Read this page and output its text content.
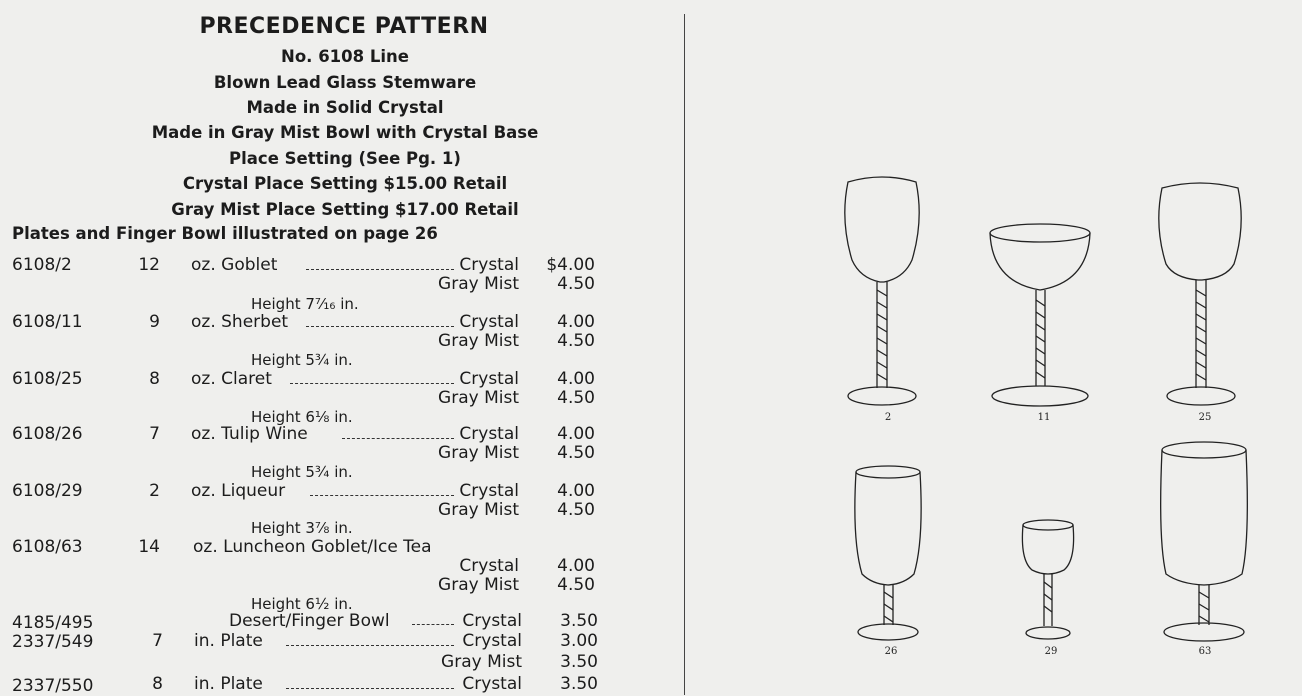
PRECEDENCE PATTERN
No. 6108 Line
Blown Lead Glass Stemware
Made in Solid Crystal
Made in Gray Mist Bowl with Crystal Base
Place Setting (See Pg. 1)
Crystal Place Setting $15.00 Retail
Gray Mist Place Setting $17.00 Retail
Plates and Finger Bowl illustrated on page 26
6108/2	12 oz. Goblet	Crystal	$4.00
Gray Mist	4.50
Height 7⁷⁄₁₆ in.
6108/11	9 oz. Sherbet	Crystal	4.00
Gray Mist	4.50
Height 5¾ in.
6108/25	8 oz. Claret	Crystal	4.00
Gray Mist	4.50
Height 6⅛ in.
6108/26	7 oz. Tulip Wine	Crystal	4.00
Gray Mist	4.50
Height 5¾ in.
6108/29	2 oz. Liqueur	Crystal	4.00
Gray Mist	4.50
Height 3⅞ in.
6108/63	14 oz. Luncheon Goblet/Ice Tea
Crystal	4.00
Gray Mist	4.50
Height 6½ in.
4185/495	Desert/Finger Bowl	Crystal	3.50
2337/549	7 in. Plate	Crystal	3.00
Gray Mist	3.50
2337/550	8 in. Plate	Crystal	3.50
2	11	25
26	29	63
